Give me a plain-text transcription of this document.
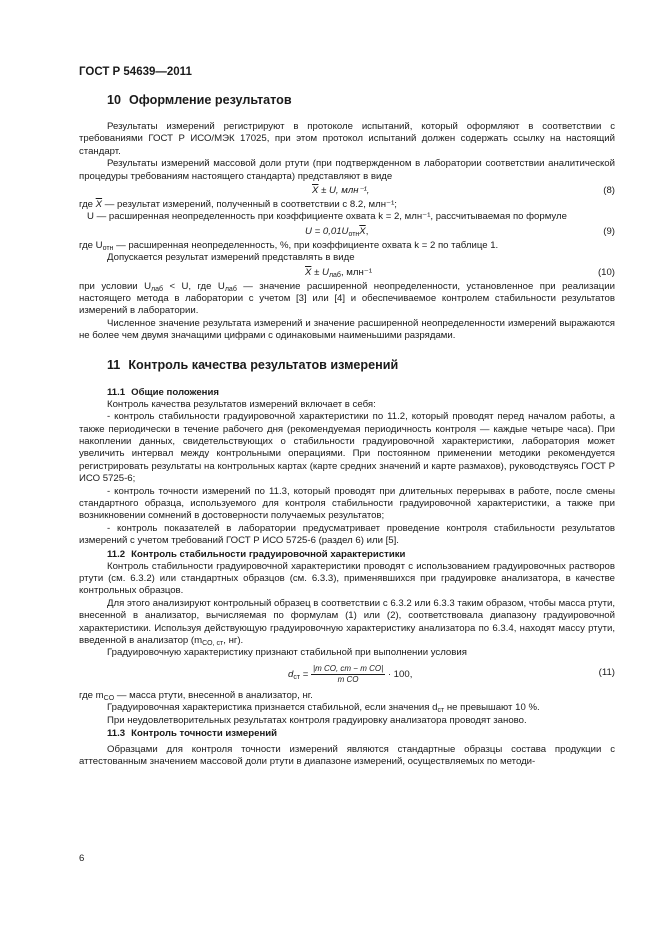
ГОСТ Р 54639—2011
10 Оформление результатов

Результаты измерений регистрируют в протоколе испытаний, который оформляют в соответствии с требованиями ГОСТ Р ИСО/МЭК 17025, при этом протокол испытаний должен содержать ссылку на настоящий стандарт.

Результаты измерений массовой доли ртути (при подтвержденном в лаборатории соответствии аналитической процедуры требованиям настоящего стандарта) представляют в виде

$\overline{X} \pm U$, млн⁻¹,	(8)

где $\overline{X}$ — результат измерений, полученный в соответствии с 8.2, млн⁻¹;

U — расширенная неопределенность при коэффициенте охвата k = 2, млн⁻¹, рассчитываемая по формуле

$U = 0,01U_{отн}\overline{X}$,	(9)

где $U_{отн}$ — расширенная неопределенность, %, при коэффициенте охвата k = 2 по таблице 1.

Допускается результат измерений представлять в виде

$\overline{X} \pm U_{лаб}$, млн⁻¹	(10)

при условии $U_{лаб} < U$, где $U_{лаб}$ — значение расширенной неопределенности, установленное при реализации настоящего метода в лаборатории с учетом [3] или [4] и обеспечиваемое контролем стабильности результатов измерений в лаборатории.

Численное значение результата измерений и значение расширенной неопределенности измерений выражаются не более чем двумя значащими цифрами с одинаковыми наименьшими разрядами.

11 Контроль качества результатов измерений
11.1 Общие положения

Контроль качества результатов измерений включает в себя:

- контроль стабильности градуировочной характеристики по 11.2, который проводят перед началом работы, а также периодически в течение рабочего дня (рекомендуемая периодичность контроля — каждые четыре часа). При накоплении данных, свидетельствующих о стабильности градуировочной характеристики, лаборатория может увеличить интервал между контрольными операциями. При постоянном применении методики рекомендуется регистрировать результаты на контрольных картах (карте средних значений и карте размахов), руководствуясь ГОСТ Р ИСО 5725-6;

- контроль точности измерений по 11.3, который проводят при длительных перерывах в работе, после смены стандартного образца, используемого для контроля стабильности градуировочной характеристики, а также при возникновении сомнений в достоверности получаемых результатов;

- контроль показателей в лаборатории предусматривает проведение контроля стабильности результатов измерений с учетом требований ГОСТ Р ИСО 5725-6 (раздел 6) или [5].

11.2 Контроль стабильности градуировочной характеристики

Контроль стабильности градуировочной характеристики проводят с использованием градуировочных растворов ртути (см. 6.3.2) или стандартных образцов (см. 6.3.3), применявшихся при градуировке анализатора, в качестве контрольных образцов.

Для этого анализируют контрольный образец в соответствии с 6.3.2 или 6.3.3 таким образом, чтобы масса ртути, внесенной в анализатор, вычисляемая по формулам (1) или (2), соответствовала диапазону градуировочной характеристики. Используя действующую градуировочную характеристику анализатора по 6.3.4, находят массу ртути, введенной в анализатор ($m_{CO, ст}$, нг).

Градуировочную характеристику признают стабильной при выполнении условия

$d_{ст} = \frac{\text{|m CO, ст − m CO|}}{\text{m CO}} \cdot 100$,	(11)

где $m_{CO}$ — масса ртути, внесенной в анализатор, нг.

Градуировочная характеристика признается стабильной, если значения $d_{ст}$ не превышают 10 %.

При неудовлетворительных результатах контроля градуировку анализатора проводят заново.

11.3 Контроль точности измерений

Образцами для контроля точности измерений являются стандартные образцы состава продукции с аттестованным значением массовой доли ртути в диапазоне измерений, осуществляемых по методи-

6
